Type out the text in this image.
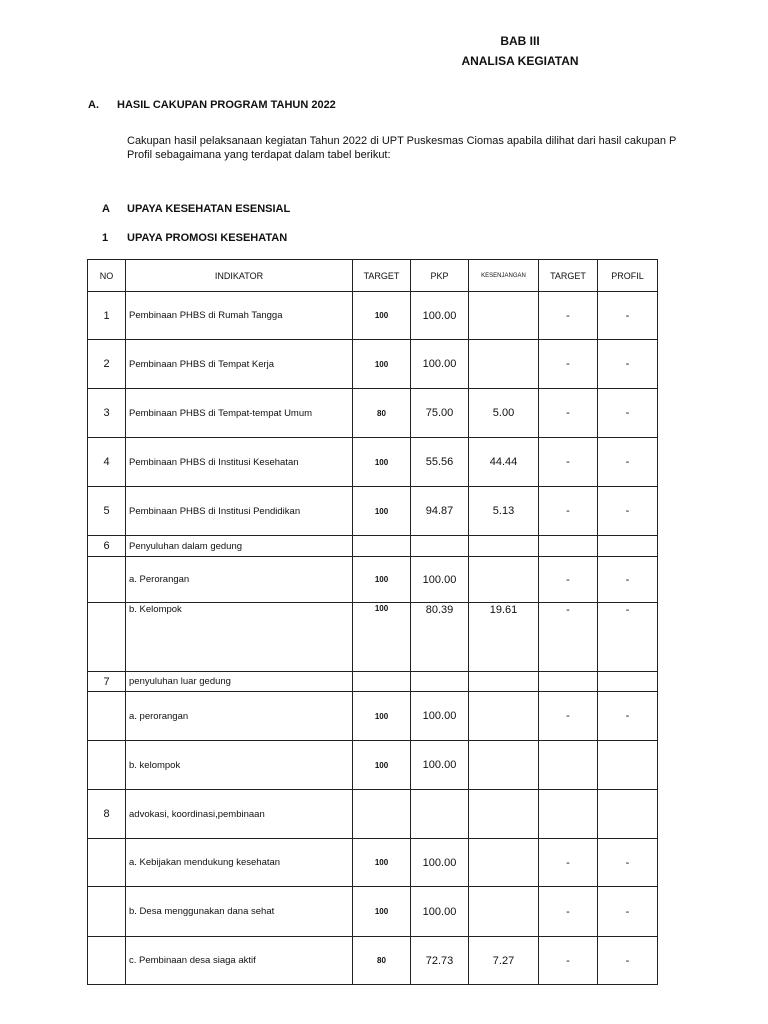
BAB III
ANALISA KEGIATAN
A. HASIL CAKUPAN PROGRAM TAHUN 2022
Cakupan hasil pelaksanaan kegiatan Tahun 2022 di UPT Puskesmas Ciomas apabila dilihat dari hasil cakupan P
Profil sebagaimana yang terdapat dalam tabel berikut:
A UPAYA KESEHATAN ESENSIAL
1 UPAYA PROMOSI KESEHATAN
NO	INDIKATOR	TARGET	PKP	KESENJANGAN	TARGET	PROFIL
1	Pembinaan PHBS di Rumah Tangga	100	100.00		-	-
2	Pembinaan PHBS di Tempat Kerja	100	100.00		-	-
3	Pembinaan PHBS di Tempat-tempat Umum	80	75.00	5.00	-	-
4	Pembinaan PHBS di Institusi Kesehatan	100	55.56	44.44	-	-
5	Pembinaan PHBS di Institusi Pendidikan	100	94.87	5.13	-	-
6	Penyuluhan dalam gedung					
	a. Perorangan	100	100.00		-	-
	b. Kelompok	100	80.39	19.61	-	-
7	penyuluhan luar gedung					
	a. perorangan	100	100.00		-	-
	b. kelompok	100	100.00			
8	advokasi, koordinasi,pembinaan					
	a. Kebijakan mendukung kesehatan	100	100.00		-	-
	b. Desa menggunakan dana sehat	100	100.00		-	-
	c. Pembinaan desa siaga aktif	80	72.73	7.27	-	-
